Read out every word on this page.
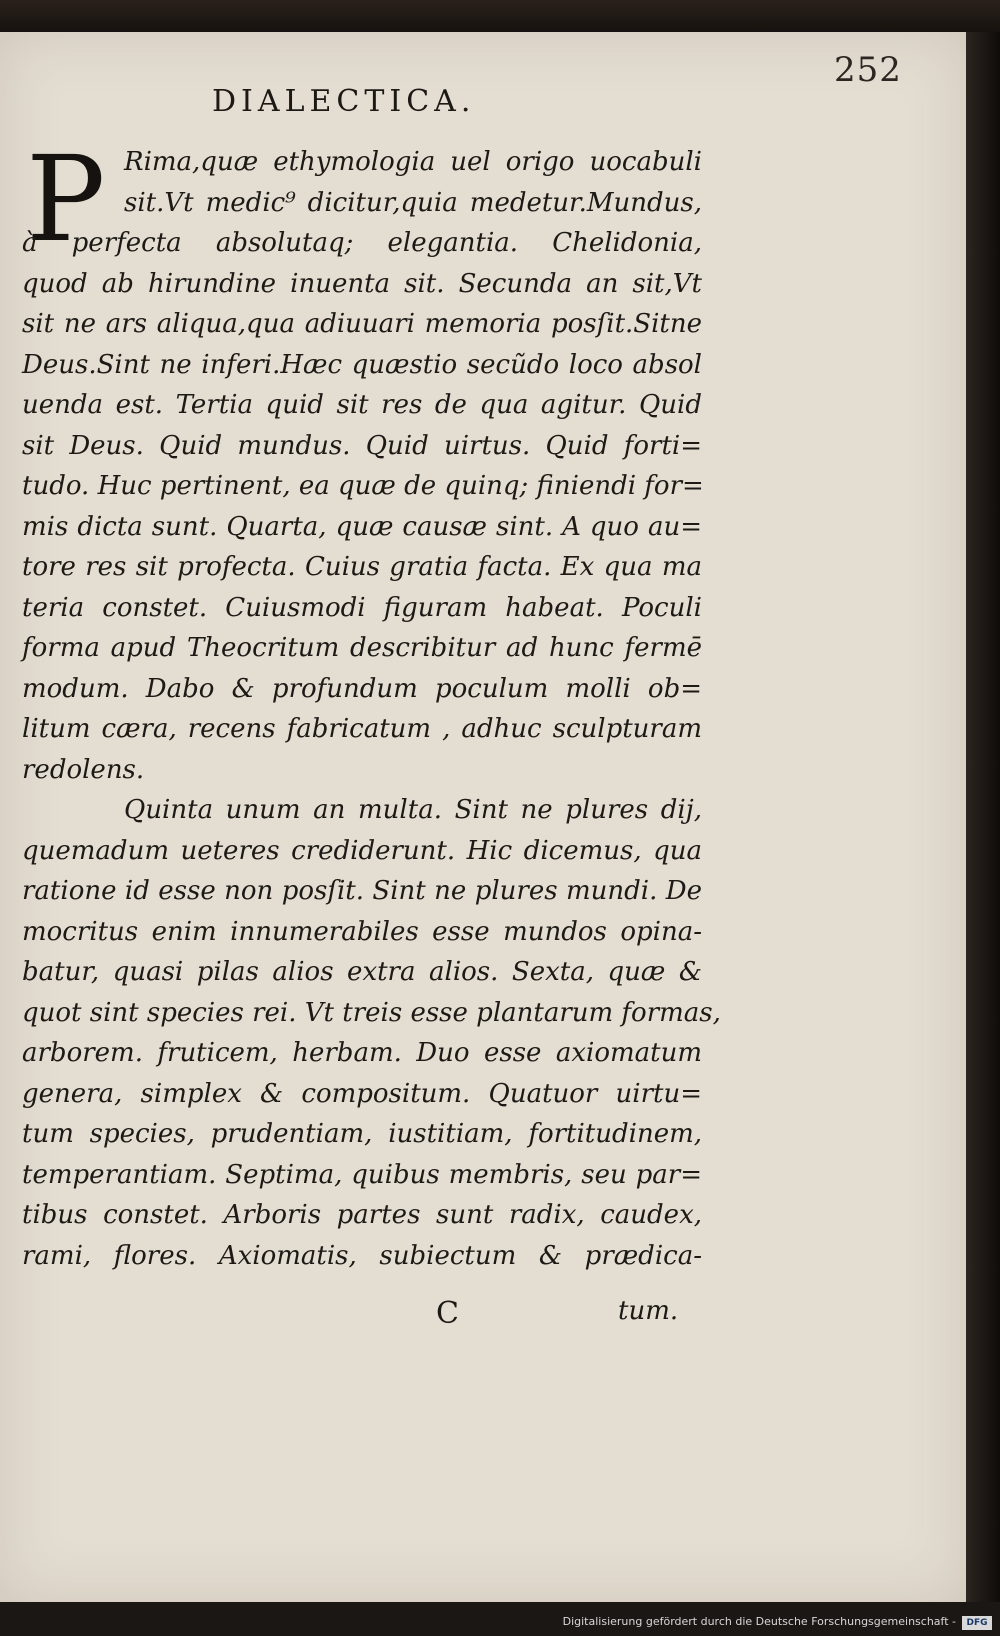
252
DIALECTICA.
P Rima,quæ ethymologia uel origo uocabuli
sit.Vt medic⁹ dicitur,quia medetur.Mundus,
à perfecta absolutaq; elegantia. Chelidonia,
quod ab hirundine inuenta sit. Secunda an sit,Vt
sit ne ars aliqua,qua adiuuari memoria posſit.Sitne
Deus.Sint ne inferi.Hæc quæstio secũdo loco absol
uenda est. Tertia quid sit res de qua agitur. Quid
sit Deus. Quid mundus. Quid uirtus. Quid forti=
tudo. Huc pertinent, ea quæ de quinq; finiendi for=
mis dicta sunt. Quarta, quæ causæ sint. A quo au=
tore res sit profecta. Cuius gratia facta. Ex qua ma
teria constet. Cuiusmodi figuram habeat. Poculi
forma apud Theocritum describitur ad hunc fermē
modum. Dabo & profundum poculum molli ob=
litum cæra, recens fabricatum , adhuc sculpturam
redolens.
Quinta unum an multa. Sint ne plures dij,
quemadum ueteres crediderunt. Hic dicemus, qua
ratione id esse non posſit. Sint ne plures mundi. De
mocritus enim innumerabiles esse mundos opina-
batur, quasi pilas alios extra alios. Sexta, quæ &
quot sint species rei. Vt treis esse plantarum formas,
arborem. fruticem, herbam. Duo esse axiomatum
genera, simplex & compositum. Quatuor uirtu=
tum species, prudentiam, iustitiam, fortitudinem,
temperantiam. Septima, quibus membris, seu par=
tibus constet. Arboris partes sunt radix, caudex,
rami, flores. Axiomatis, subiectum & prædica-
C	tum.
Digitalisierung gefördert durch die Deutsche Forschungsgemeinschaft -	DFG
